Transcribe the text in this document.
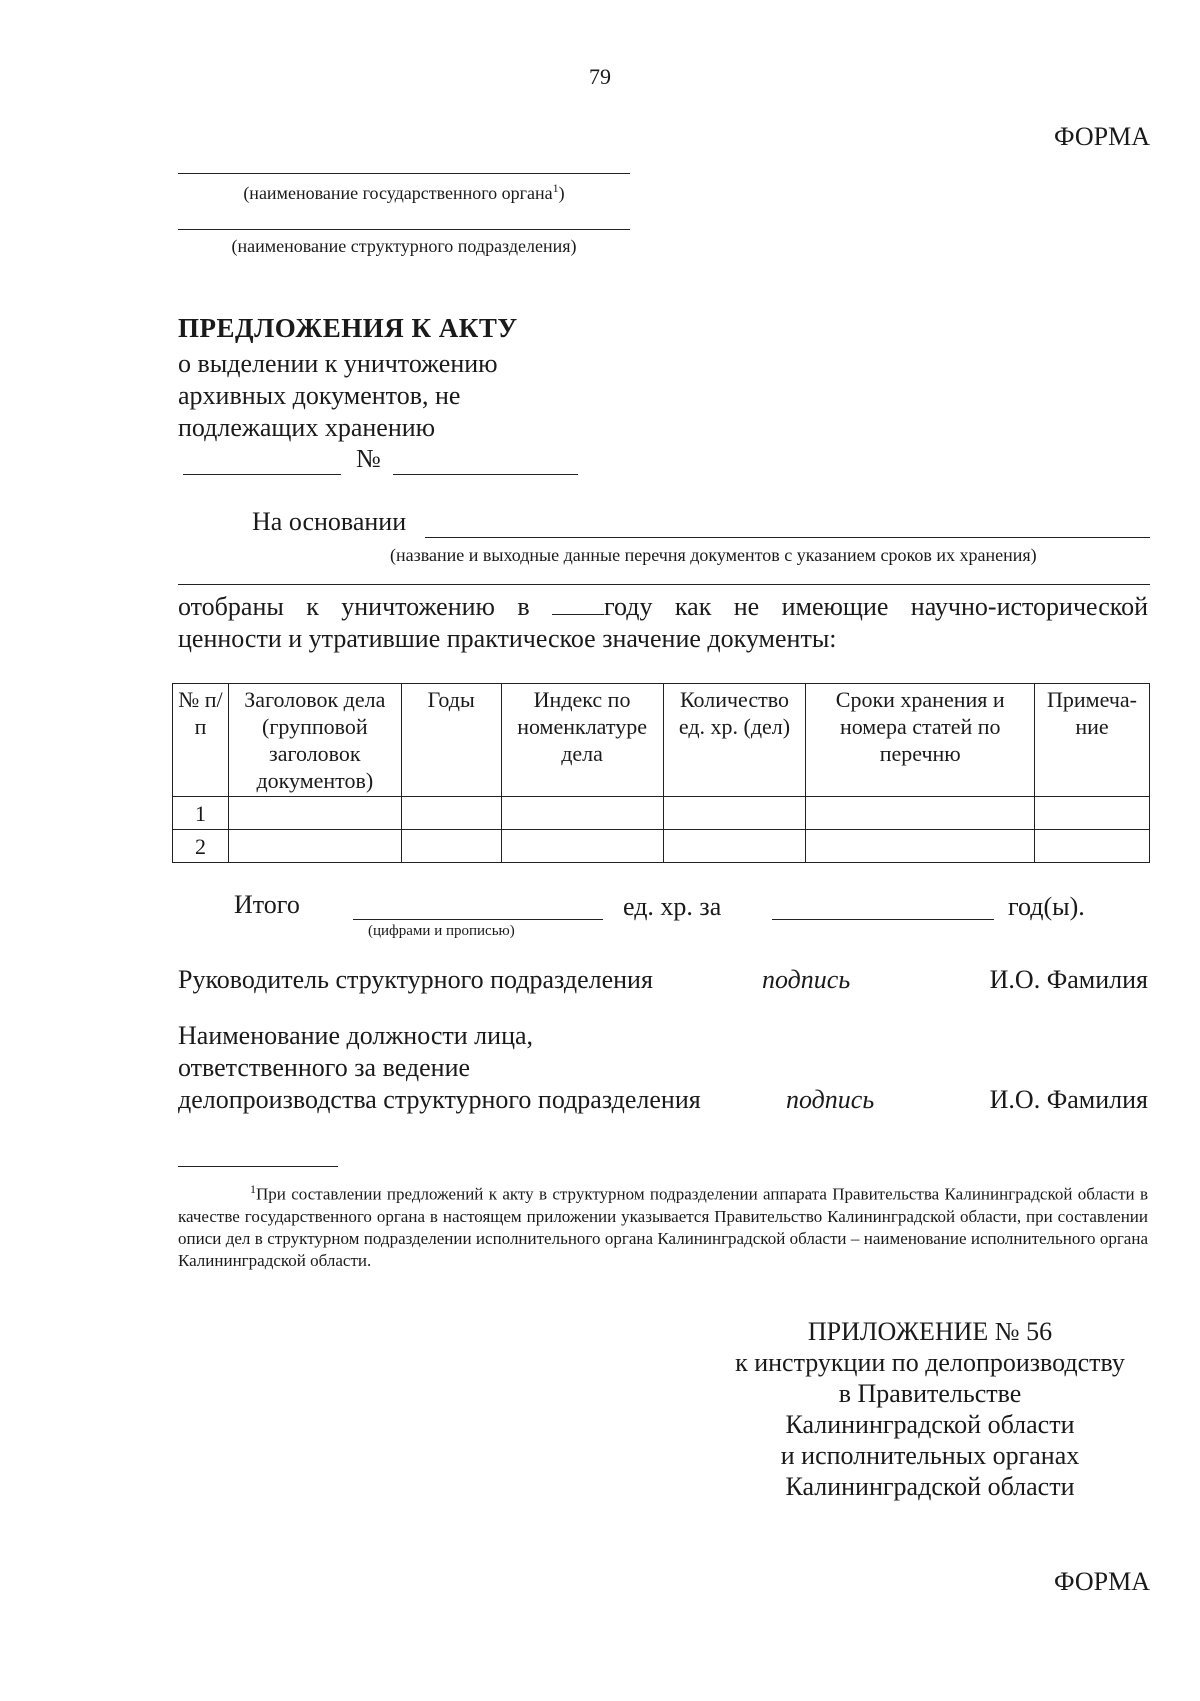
79
ФОРМА
(наименование государственного органа$^1$)
(наименование структурного подразделения)
ПРЕДЛОЖЕНИЯ К АКТУ
о выделении к уничтожению
архивных документов, не
подлежащих хранению
№
На основании
(название и выходные данные перечня документов с указанием сроков их хранения)
отобраны к уничтожению в	году как не имеющие научно-исторической
ценности и утратившие практическое значение документы:
№ п/п	Заголовок дела (групповой заголовок документов)	Годы	Индекс по номенклатуре дела	Количество ед. хр. (дел)	Сроки хранения и номера статей по перечню	Примеча-ние
1						
2						
Итого
(цифрами и прописью)
ед. хр. за	год(ы).
Руководитель структурного подразделения	подпись	И.О. Фамилия
Наименование должности лица,
ответственного за ведение
делопроизводства структурного подразделения	подпись	И.О. Фамилия
$^1$При составлении предложений к акту в структурном подразделении аппарата Правительства Калининградской области в качестве государственного органа в настоящем приложении указывается Правительство Калининградской области, при составлении описи дел в структурном подразделении исполнительного органа Калининградской области – наименование исполнительного органа Калининградской области.
ПРИЛОЖЕНИЕ № 56
к инструкции по делопроизводству
в Правительстве
Калининградской области
и исполнительных органах
Калининградской области
ФОРМА
